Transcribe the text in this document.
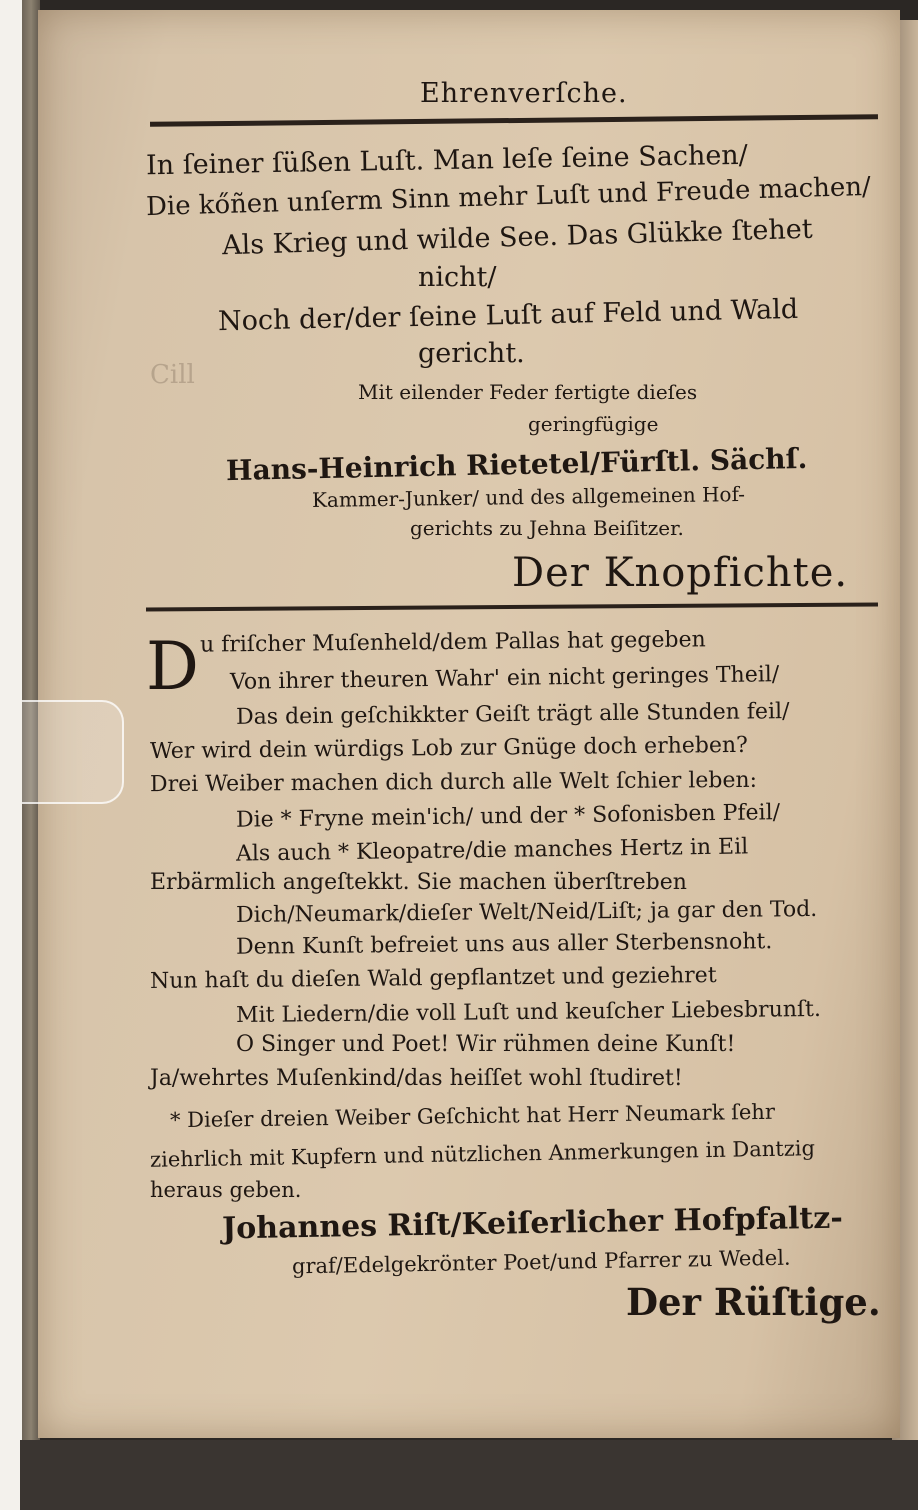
Cill
Ehrenverſche.
In ſeiner ſüßen Luſt. Man leſe ſeine Sachen/
Die kőñen unſerm Sinn mehr Luſt und Freude machen/
Als Krieg und wilde See. Das Glükke ſtehet
nicht/
Noch der/der ſeine Luſt auf Feld und Wald
gericht.
Mit eilender Feder fertigte dieſes
geringfügige
Hans-Heinrich Rietetel/Fürſtl. Sächſ.
Kammer-Junker/ und des allgemeinen Hof-
gerichts zu Jehna Beiſitzer.
Der Knopfichte.
D u friſcher Muſenheld/dem Pallas hat gegeben
Von ihrer theuren Wahr' ein nicht geringes Theil/
Das dein geſchikkter Geiſt trägt alle Stunden feil/
Wer wird dein würdigs Lob zur Gnüge doch erheben?
Drei Weiber machen dich durch alle Welt ſchier leben:
Die * Fryne mein'ich/ und der * Sofonisben Pfeil/
Als auch * Kleopatre/die manches Hertz in Eil
Erbärmlich angeſtekkt. Sie machen überſtreben
Dich/Neumark/dieſer Welt/Neid/Liſt; ja gar den Tod.
Denn Kunſt befreiet uns aus aller Sterbensnoht.
Nun haſt du dieſen Wald gepflantzet und geziehret
Mit Liedern/die voll Luſt und keuſcher Liebesbrunſt.
O Singer und Poet! Wir rühmen deine Kunſt!
Ja/wehrtes Muſenkind/das heiſſet wohl ſtudiret!
* Dieſer dreien Weiber Geſchicht hat Herr Neumark ſehr
ziehrlich mit Kupfern und nützlichen Anmerkungen in Dantzig
heraus geben.
Johannes Riſt/Keiſerlicher Hofpfaltz-
graf/Edelgekrönter Poet/und Pfarrer zu Wedel.
Der Rüſtige.
